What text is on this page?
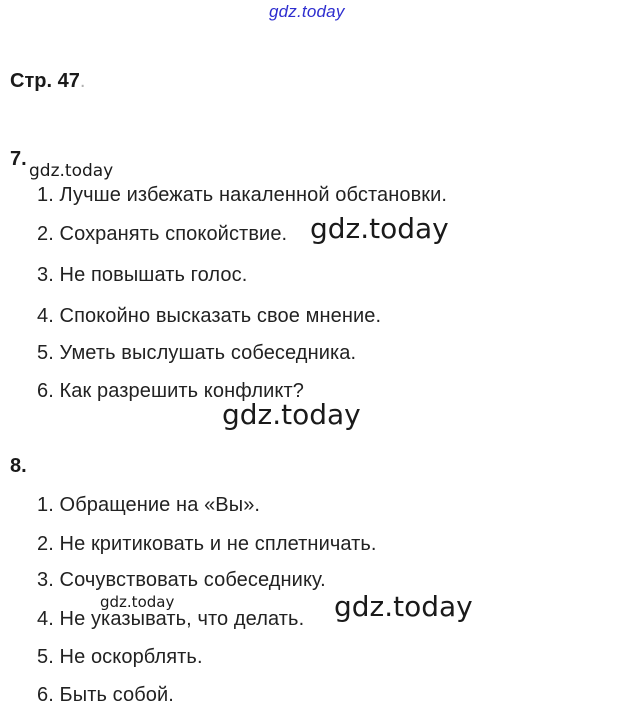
gdz.today
Стр. 47.
7.
gdz.today
1. Лучше избежать накаленной обстановки.
2. Сохранять спокойствие. gdz.today
3. Не повышать голос.
4. Спокойно высказать свое мнение.
5. Уметь выслушать собеседника.
6. Как разрешить конфликт?
gdz.today
8.
1. Обращение на «Вы».
2. Не критиковать и не сплетничать.
3. Сочувствовать собеседнику.
gdz.today
4. Не указывать, что делать. gdz.today
5. Не оскорблять.
6. Быть собой.
